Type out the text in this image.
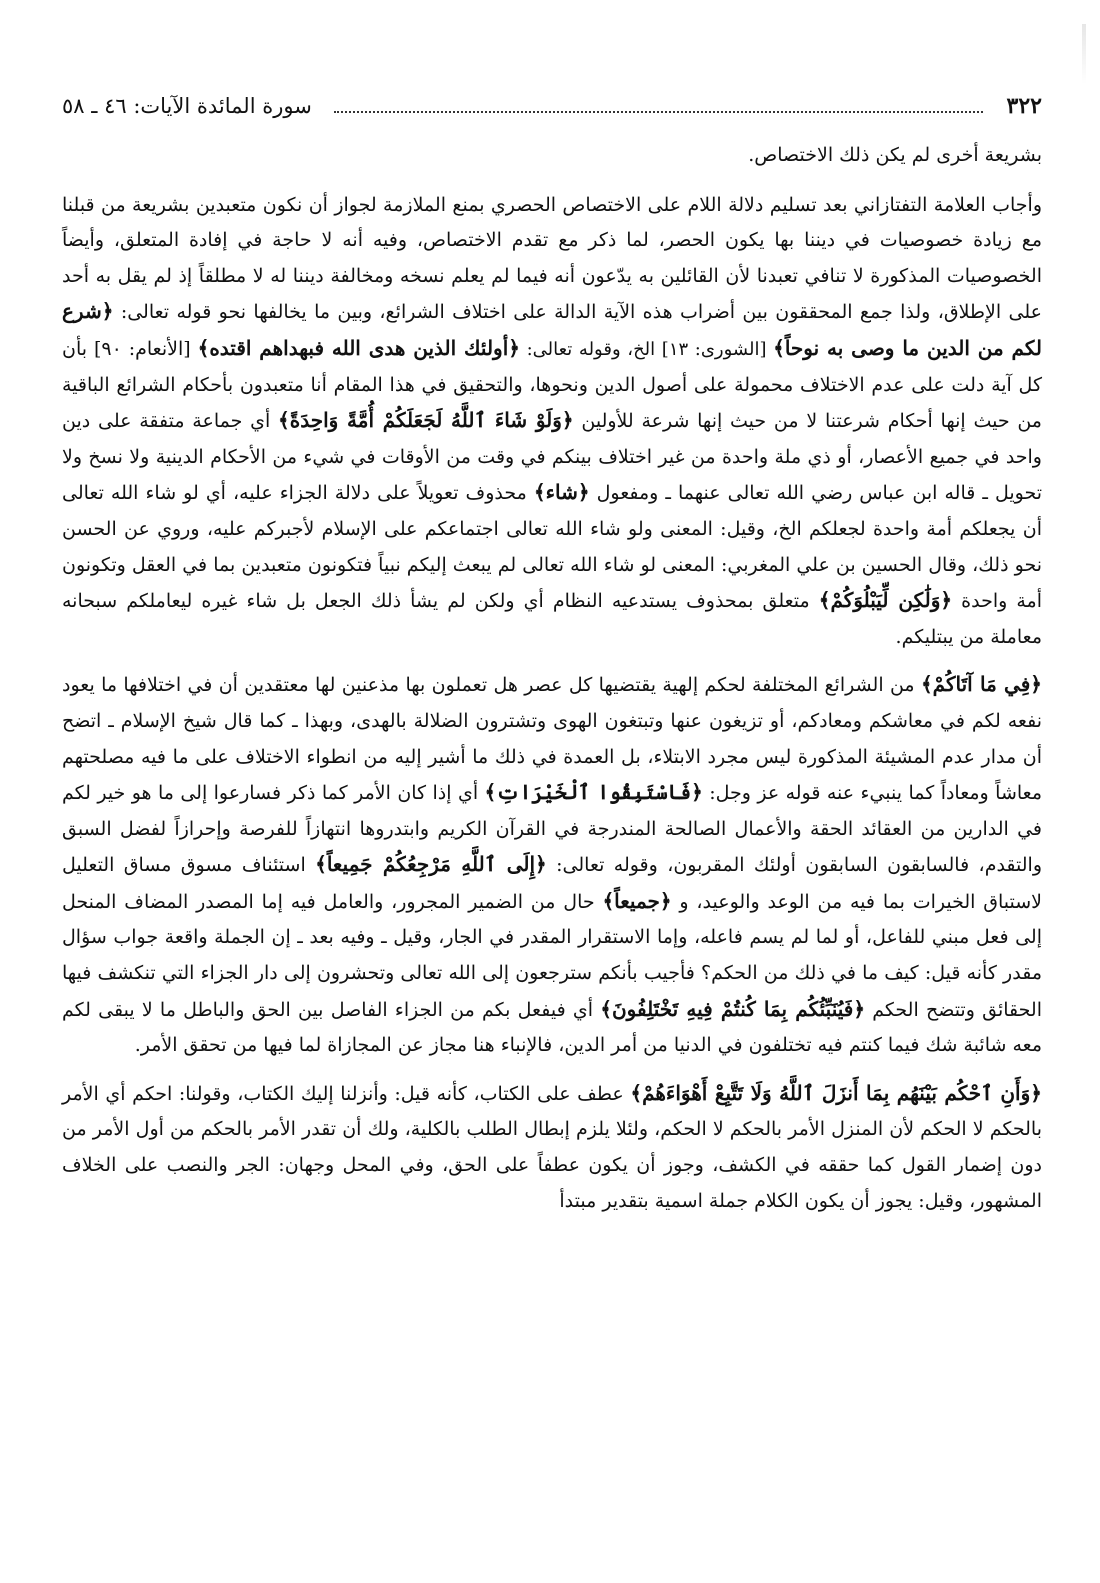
٣٢٢
سورة المائدة الآيات: ٤٦ ـ ٥٨

بشريعة أخرى لم يكن ذلك الاختصاص.

وأجاب العلامة التفتازاني بعد تسليم دلالة اللام على الاختصاص الحصري بمنع الملازمة لجواز أن نكون متعبدين بشريعة من قبلنا مع زيادة خصوصيات في ديننا بها يكون الحصر، لما ذكر مع تقدم الاختصاص، وفيه أنه لا حاجة في إفادة المتعلق، وأيضاً الخصوصيات المذكورة لا تنافي تعبدنا لأن القائلين به يدّعون أنه فيما لم يعلم نسخه ومخالفة ديننا له لا مطلقاً إذ لم يقل به أحد على الإطلاق، ولذا جمع المحققون بين أضراب هذه الآية الدالة على اختلاف الشرائع، وبين ما يخالفها نحو قوله تعالى: ﴿شرع لكم من الدين ما وصى به نوحاً﴾ [الشورى: ١٣] الخ، وقوله تعالى: ﴿أولئك الذين هدى الله فبهداهم اقتده﴾ [الأنعام: ٩٠] بأن كل آية دلت على عدم الاختلاف محمولة على أصول الدين ونحوها، والتحقيق في هذا المقام أنا متعبدون بأحكام الشرائع الباقية من حيث إنها أحكام شرعتنا لا من حيث إنها شرعة للأولين ﴿وَلَوْ شَاءَ ٱللَّهُ لَجَعَلَكُمْ أُمَّةً وَاحِدَةً﴾ أي جماعة متفقة على دين واحد في جميع الأعصار، أو ذي ملة واحدة من غير اختلاف بينكم في وقت من الأوقات في شيء من الأحكام الدينية ولا نسخ ولا تحويل ـ قاله ابن عباس رضي الله تعالى عنهما ـ ومفعول ﴿شاء﴾ محذوف تعويلاً على دلالة الجزاء عليه، أي لو شاء الله تعالى أن يجعلكم أمة واحدة لجعلكم الخ، وقيل: المعنى ولو شاء الله تعالى اجتماعكم على الإسلام لأجبركم عليه، وروي عن الحسن نحو ذلك، وقال الحسين بن علي المغربي: المعنى لو شاء الله تعالى لم يبعث إليكم نبياً فتكونون متعبدين بما في العقل وتكونون أمة واحدة ﴿وَلَٰكِن لِّيَبْلُوَكُمْ﴾ متعلق بمحذوف يستدعيه النظام أي ولكن لم يشأ ذلك الجعل بل شاء غيره ليعاملكم سبحانه معاملة من يبتليكم.

﴿فِي مَا آتَاكُمْ﴾ من الشرائع المختلفة لحكم إلهية يقتضيها كل عصر هل تعملون بها مذعنين لها معتقدين أن في اختلافها ما يعود نفعه لكم في معاشكم ومعادكم، أو تزيغون عنها وتبتغون الهوى وتشترون الضلالة بالهدى، وبهذا ـ كما قال شيخ الإسلام ـ اتضح أن مدار عدم المشيئة المذكورة ليس مجرد الابتلاء، بل العمدة في ذلك ما أشير إليه من انطواء الاختلاف على ما فيه مصلحتهم معاشاً ومعاداً كما ينبيء عنه قوله عز وجل: ﴿فَاسْتَبِقُوا ٱلْخَيْرَاتِ﴾ أي إذا كان الأمر كما ذكر فسارعوا إلى ما هو خير لكم في الدارين من العقائد الحقة والأعمال الصالحة المندرجة في القرآن الكريم وابتدروها انتهازاً للفرصة وإحرازاً لفضل السبق والتقدم، فالسابقون السابقون أولئك المقربون، وقوله تعالى: ﴿إِلَى ٱللَّهِ مَرْجِعُكُمْ جَمِيعاً﴾ استئناف مسوق مساق التعليل لاستباق الخيرات بما فيه من الوعد والوعيد، و ﴿جميعاً﴾ حال من الضمير المجرور، والعامل فيه إما المصدر المضاف المنحل إلى فعل مبني للفاعل، أو لما لم يسم فاعله، وإما الاستقرار المقدر في الجار، وقيل ـ وفيه بعد ـ إن الجملة واقعة جواب سؤال مقدر كأنه قيل: كيف ما في ذلك من الحكم؟ فأجيب بأنكم سترجعون إلى الله تعالى وتحشرون إلى دار الجزاء التي تنكشف فيها الحقائق وتتضح الحكم ﴿فَيُنَبِّئُكُم بِمَا كُنتُمْ فِيهِ تَخْتَلِفُونَ﴾ أي فيفعل بكم من الجزاء الفاصل بين الحق والباطل ما لا يبقى لكم معه شائبة شك فيما كنتم فيه تختلفون في الدنيا من أمر الدين، فالإنباء هنا مجاز عن المجازاة لما فيها من تحقق الأمر.

﴿وَأَنِ ٱحْكُم بَيْنَهُم بِمَا أَنزَلَ ٱللَّهُ وَلَا تَتَّبِعْ أَهْوَاءَهُمْ﴾ عطف على الكتاب، كأنه قيل: وأنزلنا إليك الكتاب، وقولنا: احكم أي الأمر بالحكم لا الحكم لأن المنزل الأمر بالحكم لا الحكم، ولئلا يلزم إبطال الطلب بالكلية، ولك أن تقدر الأمر بالحكم من أول الأمر من دون إضمار القول كما حققه في الكشف، وجوز أن يكون عطفاً على الحق، وفي المحل وجهان: الجر والنصب على الخلاف المشهور، وقيل: يجوز أن يكون الكلام جملة اسمية بتقدير مبتدأ
